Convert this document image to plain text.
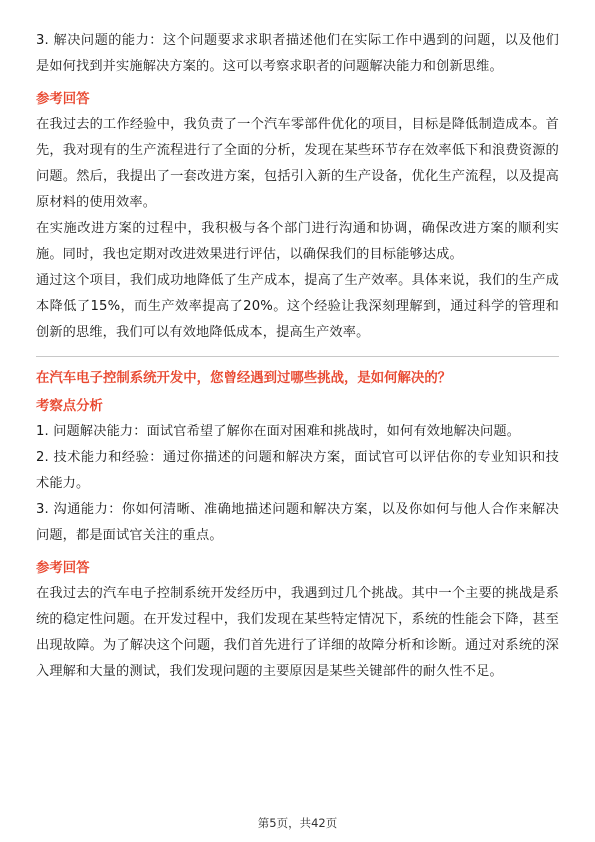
3. 解决问题的能力：这个问题要求求职者描述他们在实际工作中遇到的问题，以及他们是如何找到并实施解决方案的。这可以考察求职者的问题解决能力和创新思维。

参考回答

在我过去的工作经验中，我负责了一个汽车零部件优化的项目，目标是降低制造成本。首先，我对现有的生产流程进行了全面的分析，发现在某些环节存在效率低下和浪费资源的问题。然后，我提出了一套改进方案，包括引入新的生产设备，优化生产流程，以及提高原材料的使用效率。

在实施改进方案的过程中，我积极与各个部门进行沟通和协调，确保改进方案的顺利实施。同时，我也定期对改进效果进行评估，以确保我们的目标能够达成。

通过这个项目，我们成功地降低了生产成本，提高了生产效率。具体来说，我们的生产成本降低了15%，而生产效率提高了20%。这个经验让我深刻理解到，通过科学的管理和创新的思维，我们可以有效地降低成本，提高生产效率。

在汽车电子控制系统开发中，您曾经遇到过哪些挑战，是如何解决的？

考察点分析

1. 问题解决能力：面试官希望了解你在面对困难和挑战时，如何有效地解决问题。

2. 技术能力和经验：通过你描述的问题和解决方案，面试官可以评估你的专业知识和技术能力。

3. 沟通能力：你如何清晰、准确地描述问题和解决方案，以及你如何与他人合作来解决问题，都是面试官关注的重点。

参考回答

在我过去的汽车电子控制系统开发经历中，我遇到过几个挑战。其中一个主要的挑战是系统的稳定性问题。在开发过程中，我们发现在某些特定情况下，系统的性能会下降，甚至出现故障。为了解决这个问题，我们首先进行了详细的故障分析和诊断。通过对系统的深入理解和大量的测试，我们发现问题的主要原因是某些关键部件的耐久性不足。

第5页，共42页
